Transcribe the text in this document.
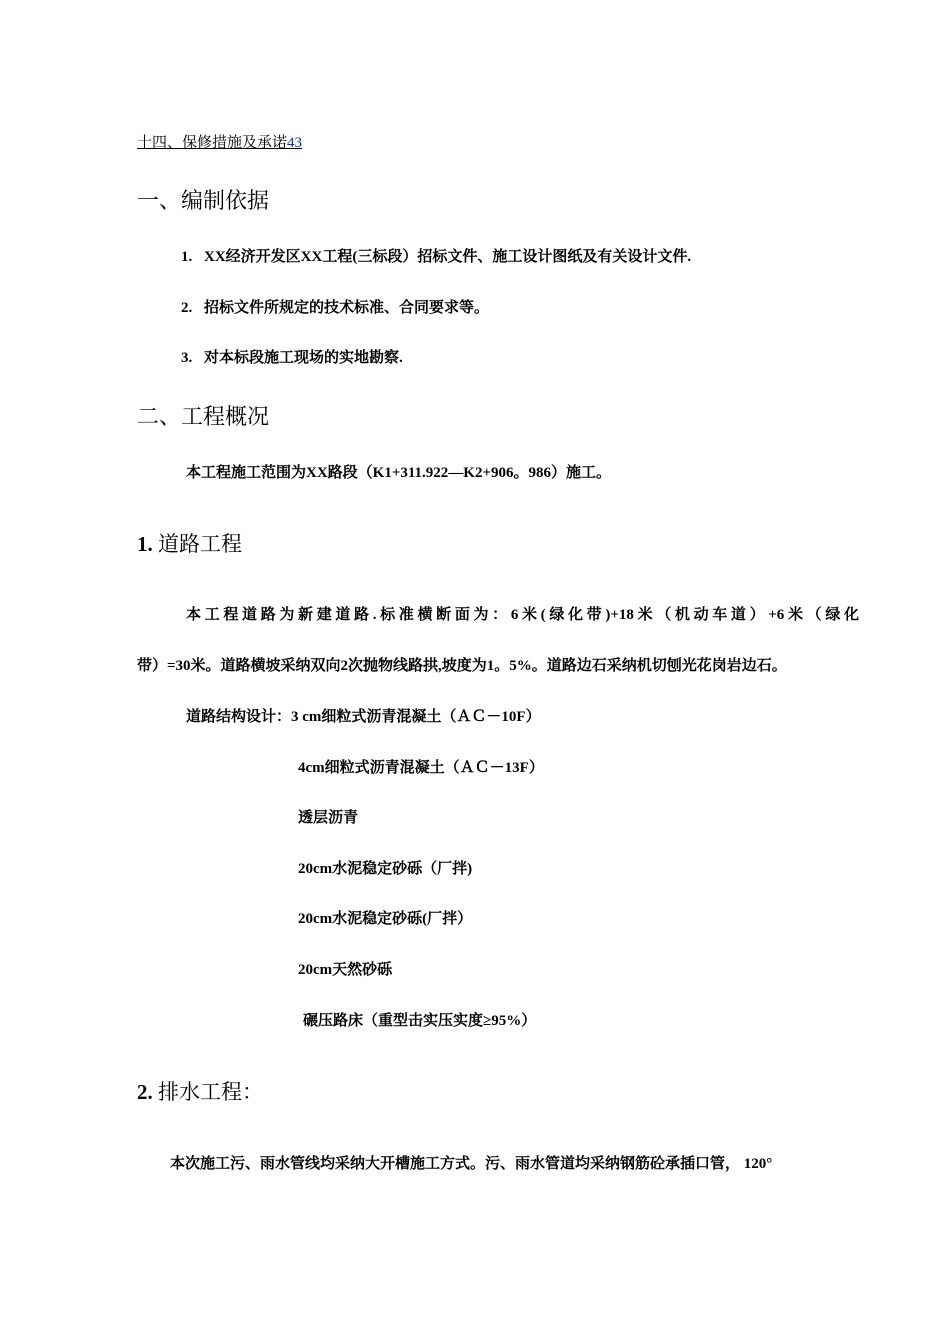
十四、保修措施及承诺43
一、编制依据
1. XX经济开发区XX工程(三标段）招标文件、施工设计图纸及有关设计文件.
2. 招标文件所规定的技术标准、合同要求等。
3. 对本标段施工现场的实地勘察.
二、工程概况
本工程施工范围为XX路段（K1+311.922—K2+906。986）施工。
1. 道路工程
本工程道路为新建道路.标准横断面为：6米(绿化带)+18米（机动车道）+6米（绿化
带）=30米。道路横坡采纳双向2次抛物线路拱,坡度为1。5%。道路边石采纳机切刨光花岗岩边石。
道路结构设计：3 cm细粒式沥青混凝土（ＡＣ－10F）
4cm细粒式沥青混凝土（ＡＣ－13F）
透层沥青
20cm水泥稳定砂砾（厂拌)
20cm水泥稳定砂砾(厂拌）
20cm天然砂砾
碾压路床（重型击实压实度≥95%）
2. 排水工程：
本次施工污、雨水管线均采纳大开槽施工方式。污、雨水管道均采纳钢筋砼承插口管， 120°
